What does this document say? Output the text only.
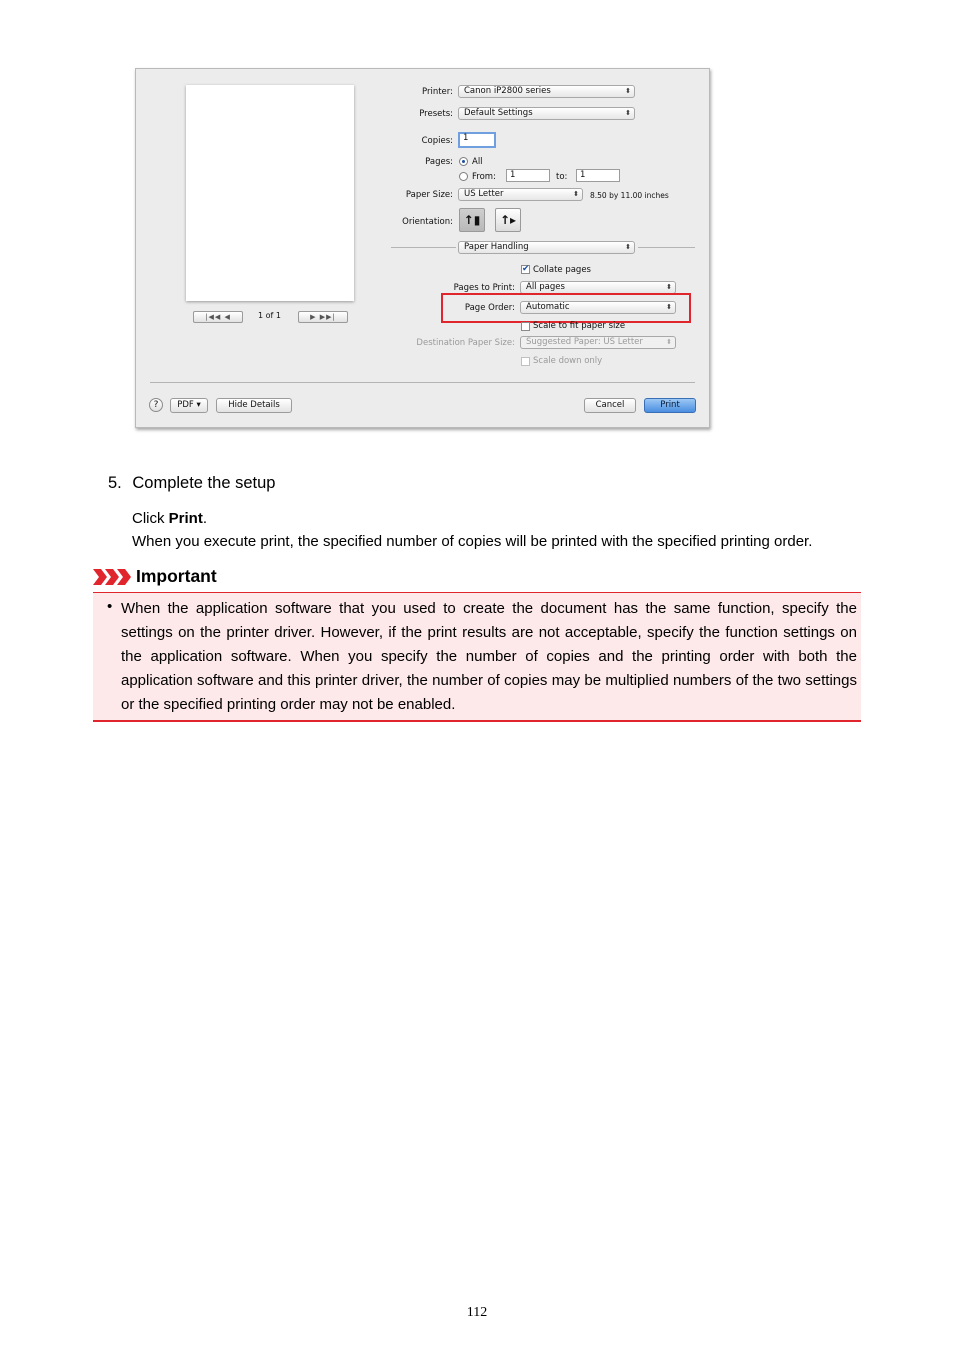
|◀◀ ◀	1 of 1	▶ ▶▶|
Printer:	Canon iP2800 series	⬍
Presets:	Default Settings	⬍
Copies:	1
Pages: All
From:	1	to:	1
Paper Size:	US Letter	⬍ 8.50 by 11.00 inches
Orientation: ↑▮	↑▸
Paper Handling	⬍
✔ Collate pages
Pages to Print:	All pages	⬍
Page Order:	Automatic	⬍
Scale to fit paper size
Destination Paper Size:	Suggested Paper: US Letter	⬍
Scale down only
?	PDF ▾	Hide Details	Cancel	Print
5. Complete the setup
Click Print.
When you execute print, the specified number of copies will be printed with the specified printing order.
Important
• When the application software that you used to create the document has the same function, specify the settings on the printer driver. However, if the print results are not acceptable, specify the function settings on the application software. When you specify the number of copies and the printing order with both the application software and this printer driver, the number of copies may be multiplied numbers of the two settings or the specified printing order may not be enabled.
112
